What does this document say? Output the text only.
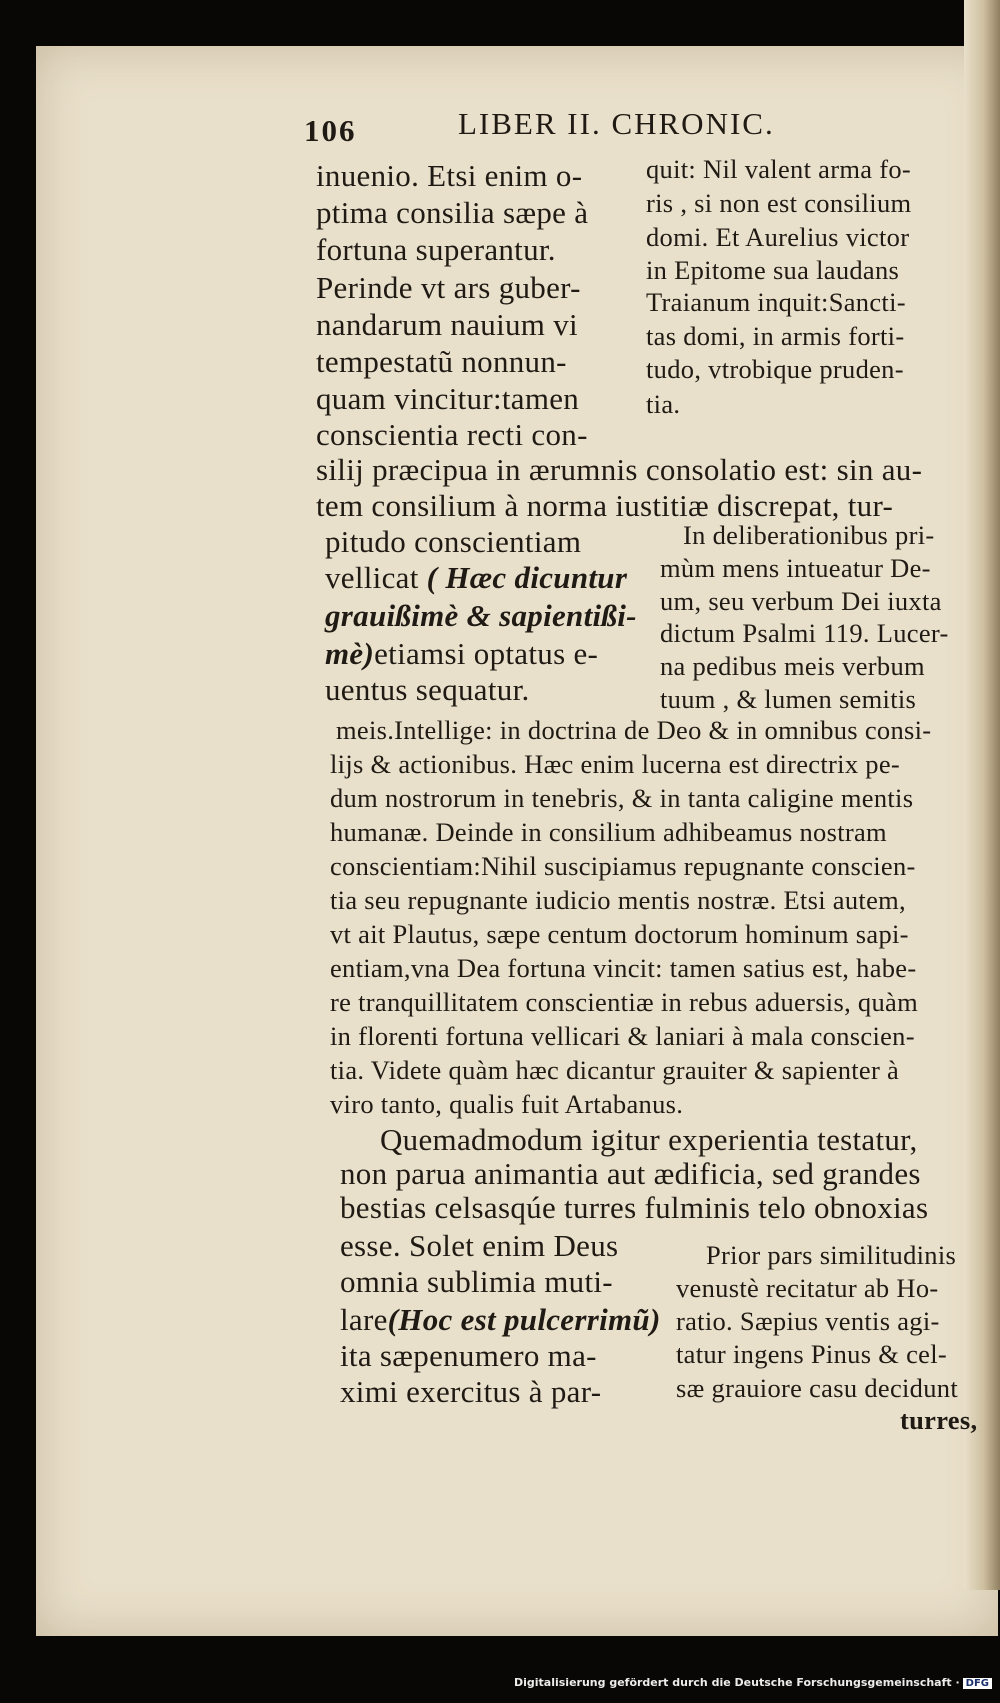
106	LIBER II. CHRONIC.
inuenio. Etsi enim o-
ptima consilia sæpe à
fortuna superantur.
Perinde vt ars guber-
nandarum nauium vi
tempestatũ nonnun-
quam vincitur:tamen
conscientia recti con-
quit: Nil valent arma fo-
ris , si non est consilium
domi. Et Aurelius victor
in Epitome sua laudans
Traianum inquit:Sancti-
tas domi, in armis forti-
tudo, vtrobique pruden-
tia.
silij præcipua in ærumnis consolatio est: sin au-
tem consilium à norma iustitiæ discrepat, tur-
pitudo conscientiam
vellicat ( Hæc dicuntur
grauißimè & sapientißi-
mè)etiamsi optatus e-
uentus sequatur.
In deliberationibus pri-
mùm mens intueatur De-
um, seu verbum Dei iuxta
dictum Psalmi 119. Lucer-
na pedibus meis verbum
tuum , & lumen semitis
meis.Intellige: in doctrina de Deo & in omnibus consi-
lijs & actionibus. Hæc enim lucerna est directrix pe-
dum nostrorum in tenebris, & in tanta caligine mentis
humanæ. Deinde in consilium adhibeamus nostram
conscientiam:Nihil suscipiamus repugnante conscien-
tia seu repugnante iudicio mentis nostræ. Etsi autem,
vt ait Plautus, sæpe centum doctorum hominum sapi-
entiam,vna Dea fortuna vincit: tamen satius est, habe-
re tranquillitatem conscientiæ in rebus aduersis, quàm
in florenti fortuna vellicari & laniari à mala conscien-
tia. Videte quàm hæc dicantur grauiter & sapienter à
viro tanto, qualis fuit Artabanus.
Quemadmodum igitur experientia testatur,
non parua animantia aut ædificia, sed grandes
bestias celsasqúe turres fulminis telo obnoxias
esse. Solet enim Deus
omnia sublimia muti-
lare(Hoc est pulcerrimũ)
ita sæpenumero ma-
ximi exercitus à par-
Prior pars similitudinis
venustè recitatur ab Ho-
ratio. Sæpius ventis agi-
tatur ingens Pinus & cel-
sæ grauiore casu decidunt
turres,
Digitalisierung gefördert durch die Deutsche Forschungsgemeinschaft · DFG
